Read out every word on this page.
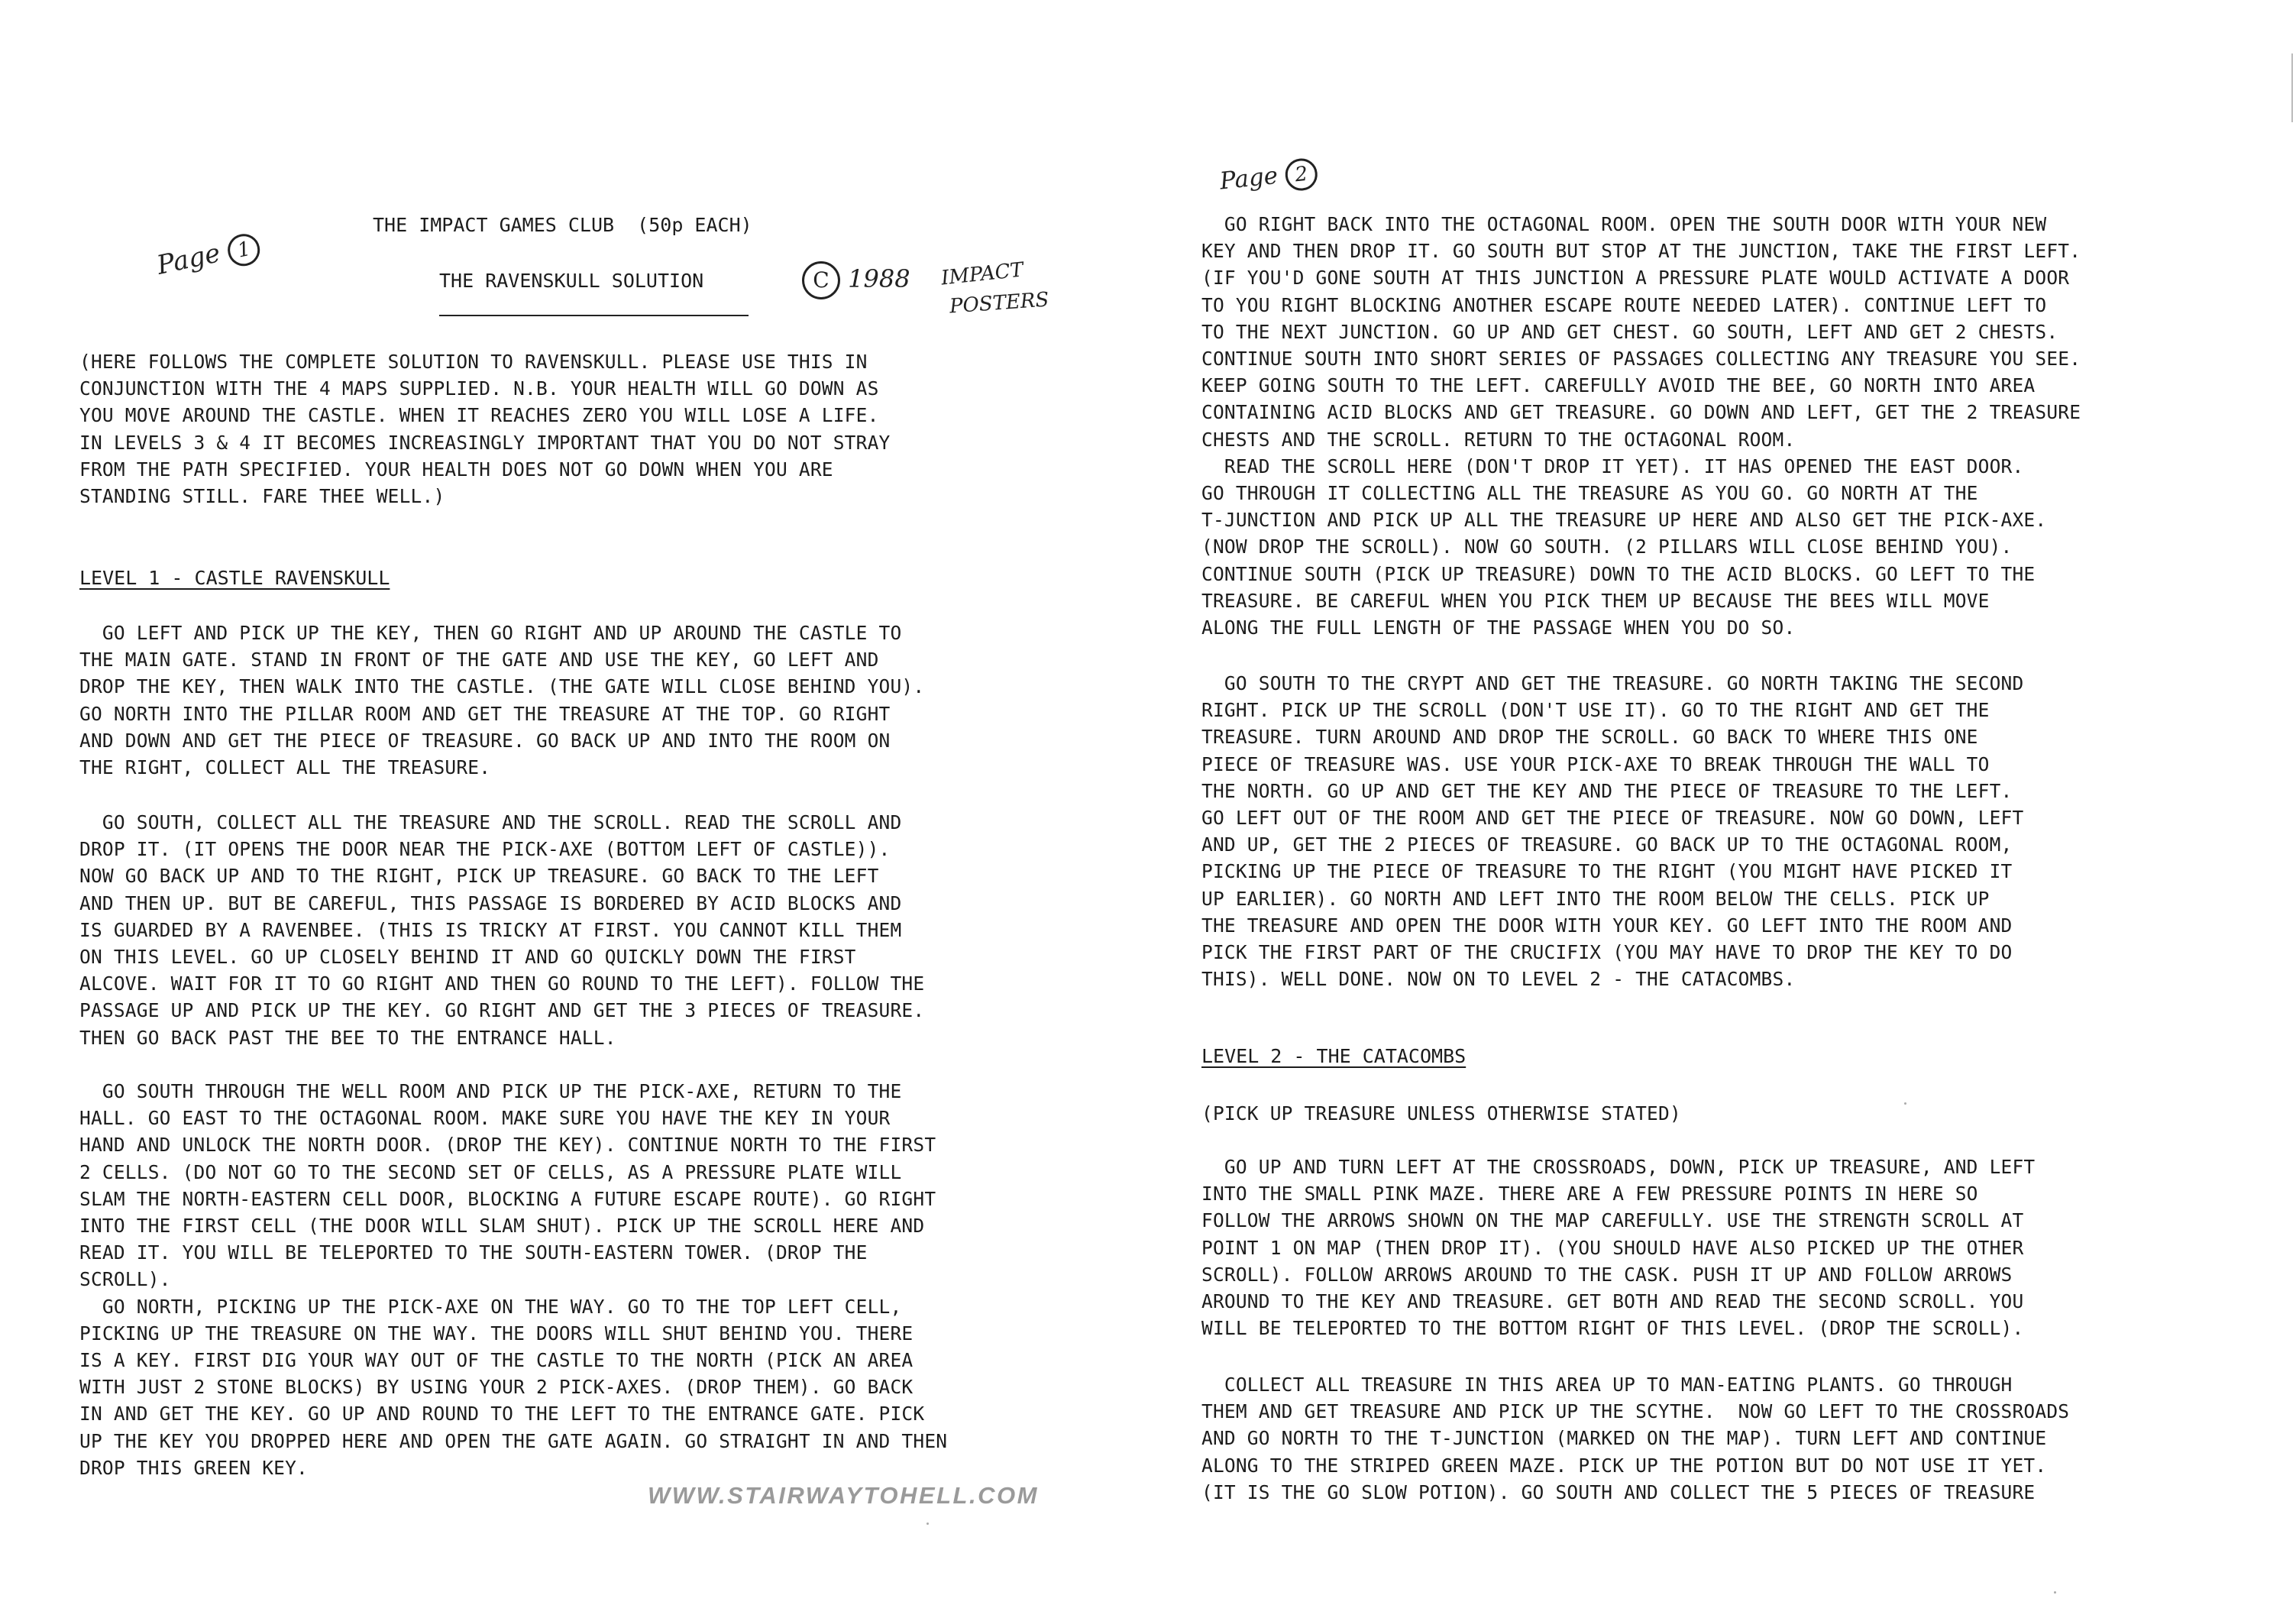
Page 1
THE IMPACT GAMES CLUB  (50p EACH)
THE RAVENSKULL SOLUTION	C 1988 IMPACT
POSTERS
(HERE FOLLOWS THE COMPLETE SOLUTION TO RAVENSKULL. PLEASE USE THIS IN
CONJUNCTION WITH THE 4 MAPS SUPPLIED. N.B. YOUR HEALTH WILL GO DOWN AS
YOU MOVE AROUND THE CASTLE. WHEN IT REACHES ZERO YOU WILL LOSE A LIFE.
IN LEVELS 3 & 4 IT BECOMES INCREASINGLY IMPORTANT THAT YOU DO NOT STRAY
FROM THE PATH SPECIFIED. YOUR HEALTH DOES NOT GO DOWN WHEN YOU ARE
STANDING STILL. FARE THEE WELL.)
LEVEL 1 - CASTLE RAVENSKULL
GO LEFT AND PICK UP THE KEY, THEN GO RIGHT AND UP AROUND THE CASTLE TO
THE MAIN GATE. STAND IN FRONT OF THE GATE AND USE THE KEY, GO LEFT AND
DROP THE KEY, THEN WALK INTO THE CASTLE. (THE GATE WILL CLOSE BEHIND YOU).
GO NORTH INTO THE PILLAR ROOM AND GET THE TREASURE AT THE TOP. GO RIGHT
AND DOWN AND GET THE PIECE OF TREASURE. GO BACK UP AND INTO THE ROOM ON
THE RIGHT, COLLECT ALL THE TREASURE.
GO SOUTH, COLLECT ALL THE TREASURE AND THE SCROLL. READ THE SCROLL AND
DROP IT. (IT OPENS THE DOOR NEAR THE PICK-AXE (BOTTOM LEFT OF CASTLE)).
NOW GO BACK UP AND TO THE RIGHT, PICK UP TREASURE. GO BACK TO THE LEFT
AND THEN UP. BUT BE CAREFUL, THIS PASSAGE IS BORDERED BY ACID BLOCKS AND
IS GUARDED BY A RAVENBEE. (THIS IS TRICKY AT FIRST. YOU CANNOT KILL THEM
ON THIS LEVEL. GO UP CLOSELY BEHIND IT AND GO QUICKLY DOWN THE FIRST
ALCOVE. WAIT FOR IT TO GO RIGHT AND THEN GO ROUND TO THE LEFT). FOLLOW THE
PASSAGE UP AND PICK UP THE KEY. GO RIGHT AND GET THE 3 PIECES OF TREASURE.
THEN GO BACK PAST THE BEE TO THE ENTRANCE HALL.
GO SOUTH THROUGH THE WELL ROOM AND PICK UP THE PICK-AXE, RETURN TO THE
HALL. GO EAST TO THE OCTAGONAL ROOM. MAKE SURE YOU HAVE THE KEY IN YOUR
HAND AND UNLOCK THE NORTH DOOR. (DROP THE KEY). CONTINUE NORTH TO THE FIRST
2 CELLS. (DO NOT GO TO THE SECOND SET OF CELLS, AS A PRESSURE PLATE WILL
SLAM THE NORTH-EASTERN CELL DOOR, BLOCKING A FUTURE ESCAPE ROUTE). GO RIGHT
INTO THE FIRST CELL (THE DOOR WILL SLAM SHUT). PICK UP THE SCROLL HERE AND
READ IT. YOU WILL BE TELEPORTED TO THE SOUTH-EASTERN TOWER. (DROP THE
SCROLL).
GO NORTH, PICKING UP THE PICK-AXE ON THE WAY. GO TO THE TOP LEFT CELL,
PICKING UP THE TREASURE ON THE WAY. THE DOORS WILL SHUT BEHIND YOU. THERE
IS A KEY. FIRST DIG YOUR WAY OUT OF THE CASTLE TO THE NORTH (PICK AN AREA
WITH JUST 2 STONE BLOCKS) BY USING YOUR 2 PICK-AXES. (DROP THEM). GO BACK
IN AND GET THE KEY. GO UP AND ROUND TO THE LEFT TO THE ENTRANCE GATE. PICK
UP THE KEY YOU DROPPED HERE AND OPEN THE GATE AGAIN. GO STRAIGHT IN AND THEN
DROP THIS GREEN KEY.
WWW.STAIRWAYTOHELL.COM
Page 2
GO RIGHT BACK INTO THE OCTAGONAL ROOM. OPEN THE SOUTH DOOR WITH YOUR NEW
KEY AND THEN DROP IT. GO SOUTH BUT STOP AT THE JUNCTION, TAKE THE FIRST LEFT.
(IF YOU'D GONE SOUTH AT THIS JUNCTION A PRESSURE PLATE WOULD ACTIVATE A DOOR
TO YOU RIGHT BLOCKING ANOTHER ESCAPE ROUTE NEEDED LATER). CONTINUE LEFT TO
TO THE NEXT JUNCTION. GO UP AND GET CHEST. GO SOUTH, LEFT AND GET 2 CHESTS.
CONTINUE SOUTH INTO SHORT SERIES OF PASSAGES COLLECTING ANY TREASURE YOU SEE.
KEEP GOING SOUTH TO THE LEFT. CAREFULLY AVOID THE BEE, GO NORTH INTO AREA
CONTAINING ACID BLOCKS AND GET TREASURE. GO DOWN AND LEFT, GET THE 2 TREASURE
CHESTS AND THE SCROLL. RETURN TO THE OCTAGONAL ROOM.
READ THE SCROLL HERE (DON'T DROP IT YET). IT HAS OPENED THE EAST DOOR.
GO THROUGH IT COLLECTING ALL THE TREASURE AS YOU GO. GO NORTH AT THE
T-JUNCTION AND PICK UP ALL THE TREASURE UP HERE AND ALSO GET THE PICK-AXE.
(NOW DROP THE SCROLL). NOW GO SOUTH. (2 PILLARS WILL CLOSE BEHIND YOU).
CONTINUE SOUTH (PICK UP TREASURE) DOWN TO THE ACID BLOCKS. GO LEFT TO THE
TREASURE. BE CAREFUL WHEN YOU PICK THEM UP BECAUSE THE BEES WILL MOVE
ALONG THE FULL LENGTH OF THE PASSAGE WHEN YOU DO SO.
GO SOUTH TO THE CRYPT AND GET THE TREASURE. GO NORTH TAKING THE SECOND
RIGHT. PICK UP THE SCROLL (DON'T USE IT). GO TO THE RIGHT AND GET THE
TREASURE. TURN AROUND AND DROP THE SCROLL. GO BACK TO WHERE THIS ONE
PIECE OF TREASURE WAS. USE YOUR PICK-AXE TO BREAK THROUGH THE WALL TO
THE NORTH. GO UP AND GET THE KEY AND THE PIECE OF TREASURE TO THE LEFT.
GO LEFT OUT OF THE ROOM AND GET THE PIECE OF TREASURE. NOW GO DOWN, LEFT
AND UP, GET THE 2 PIECES OF TREASURE. GO BACK UP TO THE OCTAGONAL ROOM,
PICKING UP THE PIECE OF TREASURE TO THE RIGHT (YOU MIGHT HAVE PICKED IT
UP EARLIER). GO NORTH AND LEFT INTO THE ROOM BELOW THE CELLS. PICK UP
THE TREASURE AND OPEN THE DOOR WITH YOUR KEY. GO LEFT INTO THE ROOM AND
PICK THE FIRST PART OF THE CRUCIFIX (YOU MAY HAVE TO DROP THE KEY TO DO
THIS). WELL DONE. NOW ON TO LEVEL 2 - THE CATACOMBS.
LEVEL 2 - THE CATACOMBS
(PICK UP TREASURE UNLESS OTHERWISE STATED)
GO UP AND TURN LEFT AT THE CROSSROADS, DOWN, PICK UP TREASURE, AND LEFT
INTO THE SMALL PINK MAZE. THERE ARE A FEW PRESSURE POINTS IN HERE SO
FOLLOW THE ARROWS SHOWN ON THE MAP CAREFULLY. USE THE STRENGTH SCROLL AT
POINT 1 ON MAP (THEN DROP IT). (YOU SHOULD HAVE ALSO PICKED UP THE OTHER
SCROLL). FOLLOW ARROWS AROUND TO THE CASK. PUSH IT UP AND FOLLOW ARROWS
AROUND TO THE KEY AND TREASURE. GET BOTH AND READ THE SECOND SCROLL. YOU
WILL BE TELEPORTED TO THE BOTTOM RIGHT OF THIS LEVEL. (DROP THE SCROLL).
COLLECT ALL TREASURE IN THIS AREA UP TO MAN-EATING PLANTS. GO THROUGH
THEM AND GET TREASURE AND PICK UP THE SCYTHE.  NOW GO LEFT TO THE CROSSROADS
AND GO NORTH TO THE T-JUNCTION (MARKED ON THE MAP). TURN LEFT AND CONTINUE
ALONG TO THE STRIPED GREEN MAZE. PICK UP THE POTION BUT DO NOT USE IT YET.
(IT IS THE GO SLOW POTION). GO SOUTH AND COLLECT THE 5 PIECES OF TREASURE
